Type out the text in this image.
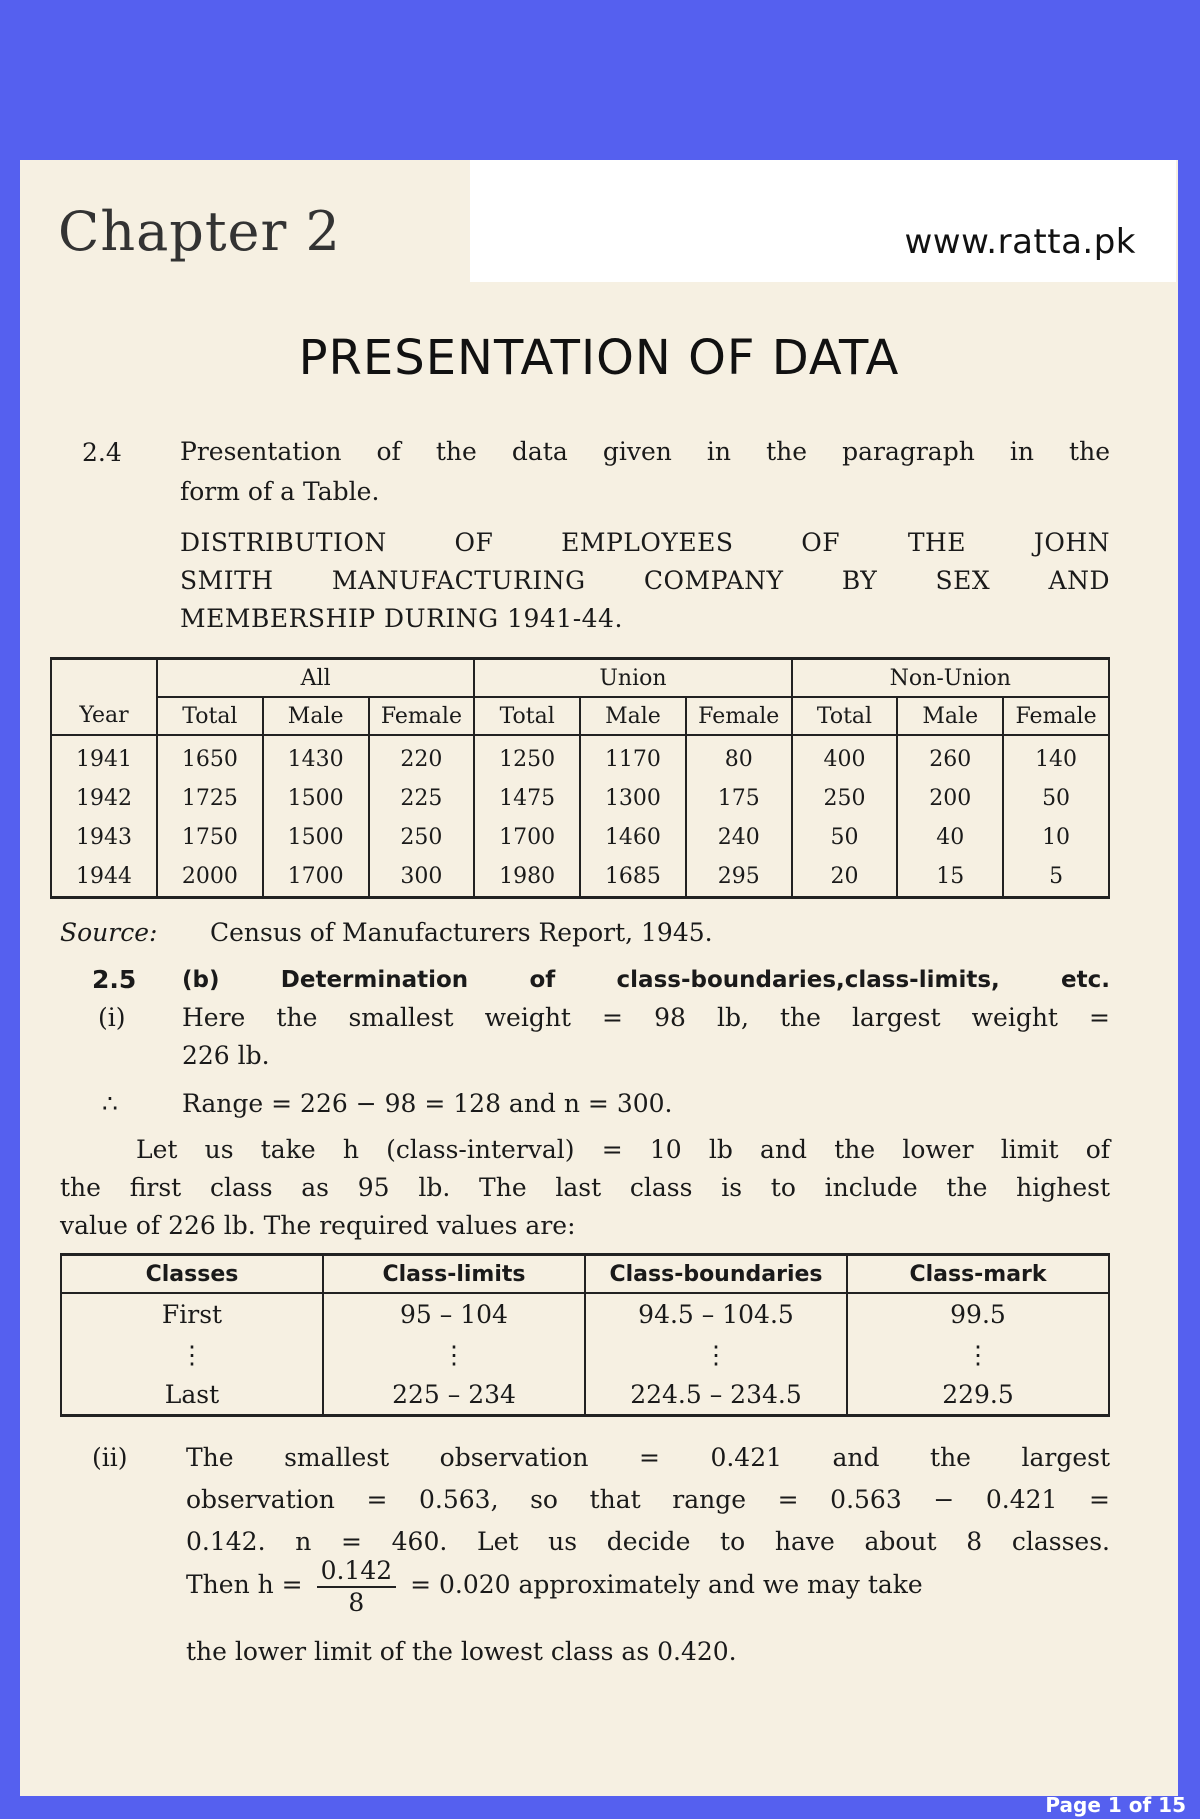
www.ratta.pk
Chapter 2
PRESENTATION OF DATA
2.4 Presentation of the data given in the paragraph in the
form of a Table.
DISTRIBUTION OF EMPLOYEES OF THE JOHN
SMITH MANUFACTURING COMPANY BY SEX AND
MEMBERSHIP DURING 1941-44.
Year	All			Union			Non-Union		
	Total	Male	Female	Total	Male	Female	Total	Male	Female
1941	1650	1430	220	1250	1170	80	400	260	140
1942	1725	1500	225	1475	1300	175	250	200	50
1943	1750	1500	250	1700	1460	240	50	40	10
1944	2000	1700	300	1980	1685	295	20	15	5
Source: Census of Manufacturers Report, 1945.
2.5 (b) Determination of class-boundaries,class-limits, etc.
(i) Here the smallest weight = 98 lb, the largest weight =
226 lb.
∴	Range = 226 − 98 = 128 and n = 300.
Let us take h (class-interval) = 10 lb and the lower limit of
the first class as 95 lb. The last class is to include the highest
value of 226 lb. The required values are:
Classes	Class-limits	Class-boundaries	Class-mark
First	95 – 104	94.5 – 104.5	99.5
⋮	⋮	⋮	⋮
Last	225 – 234	224.5 – 234.5	229.5
(ii) The smallest observation = 0.421 and the largest
observation = 0.563, so that range = 0.563 − 0.421 =
0.142. n = 460. Let us decide to have about 8 classes.
Then $h = \frac{0.142}{8} = 0.020$ approximately and we may take
the lower limit of the lowest class as 0.420.
Page 1 of 15
